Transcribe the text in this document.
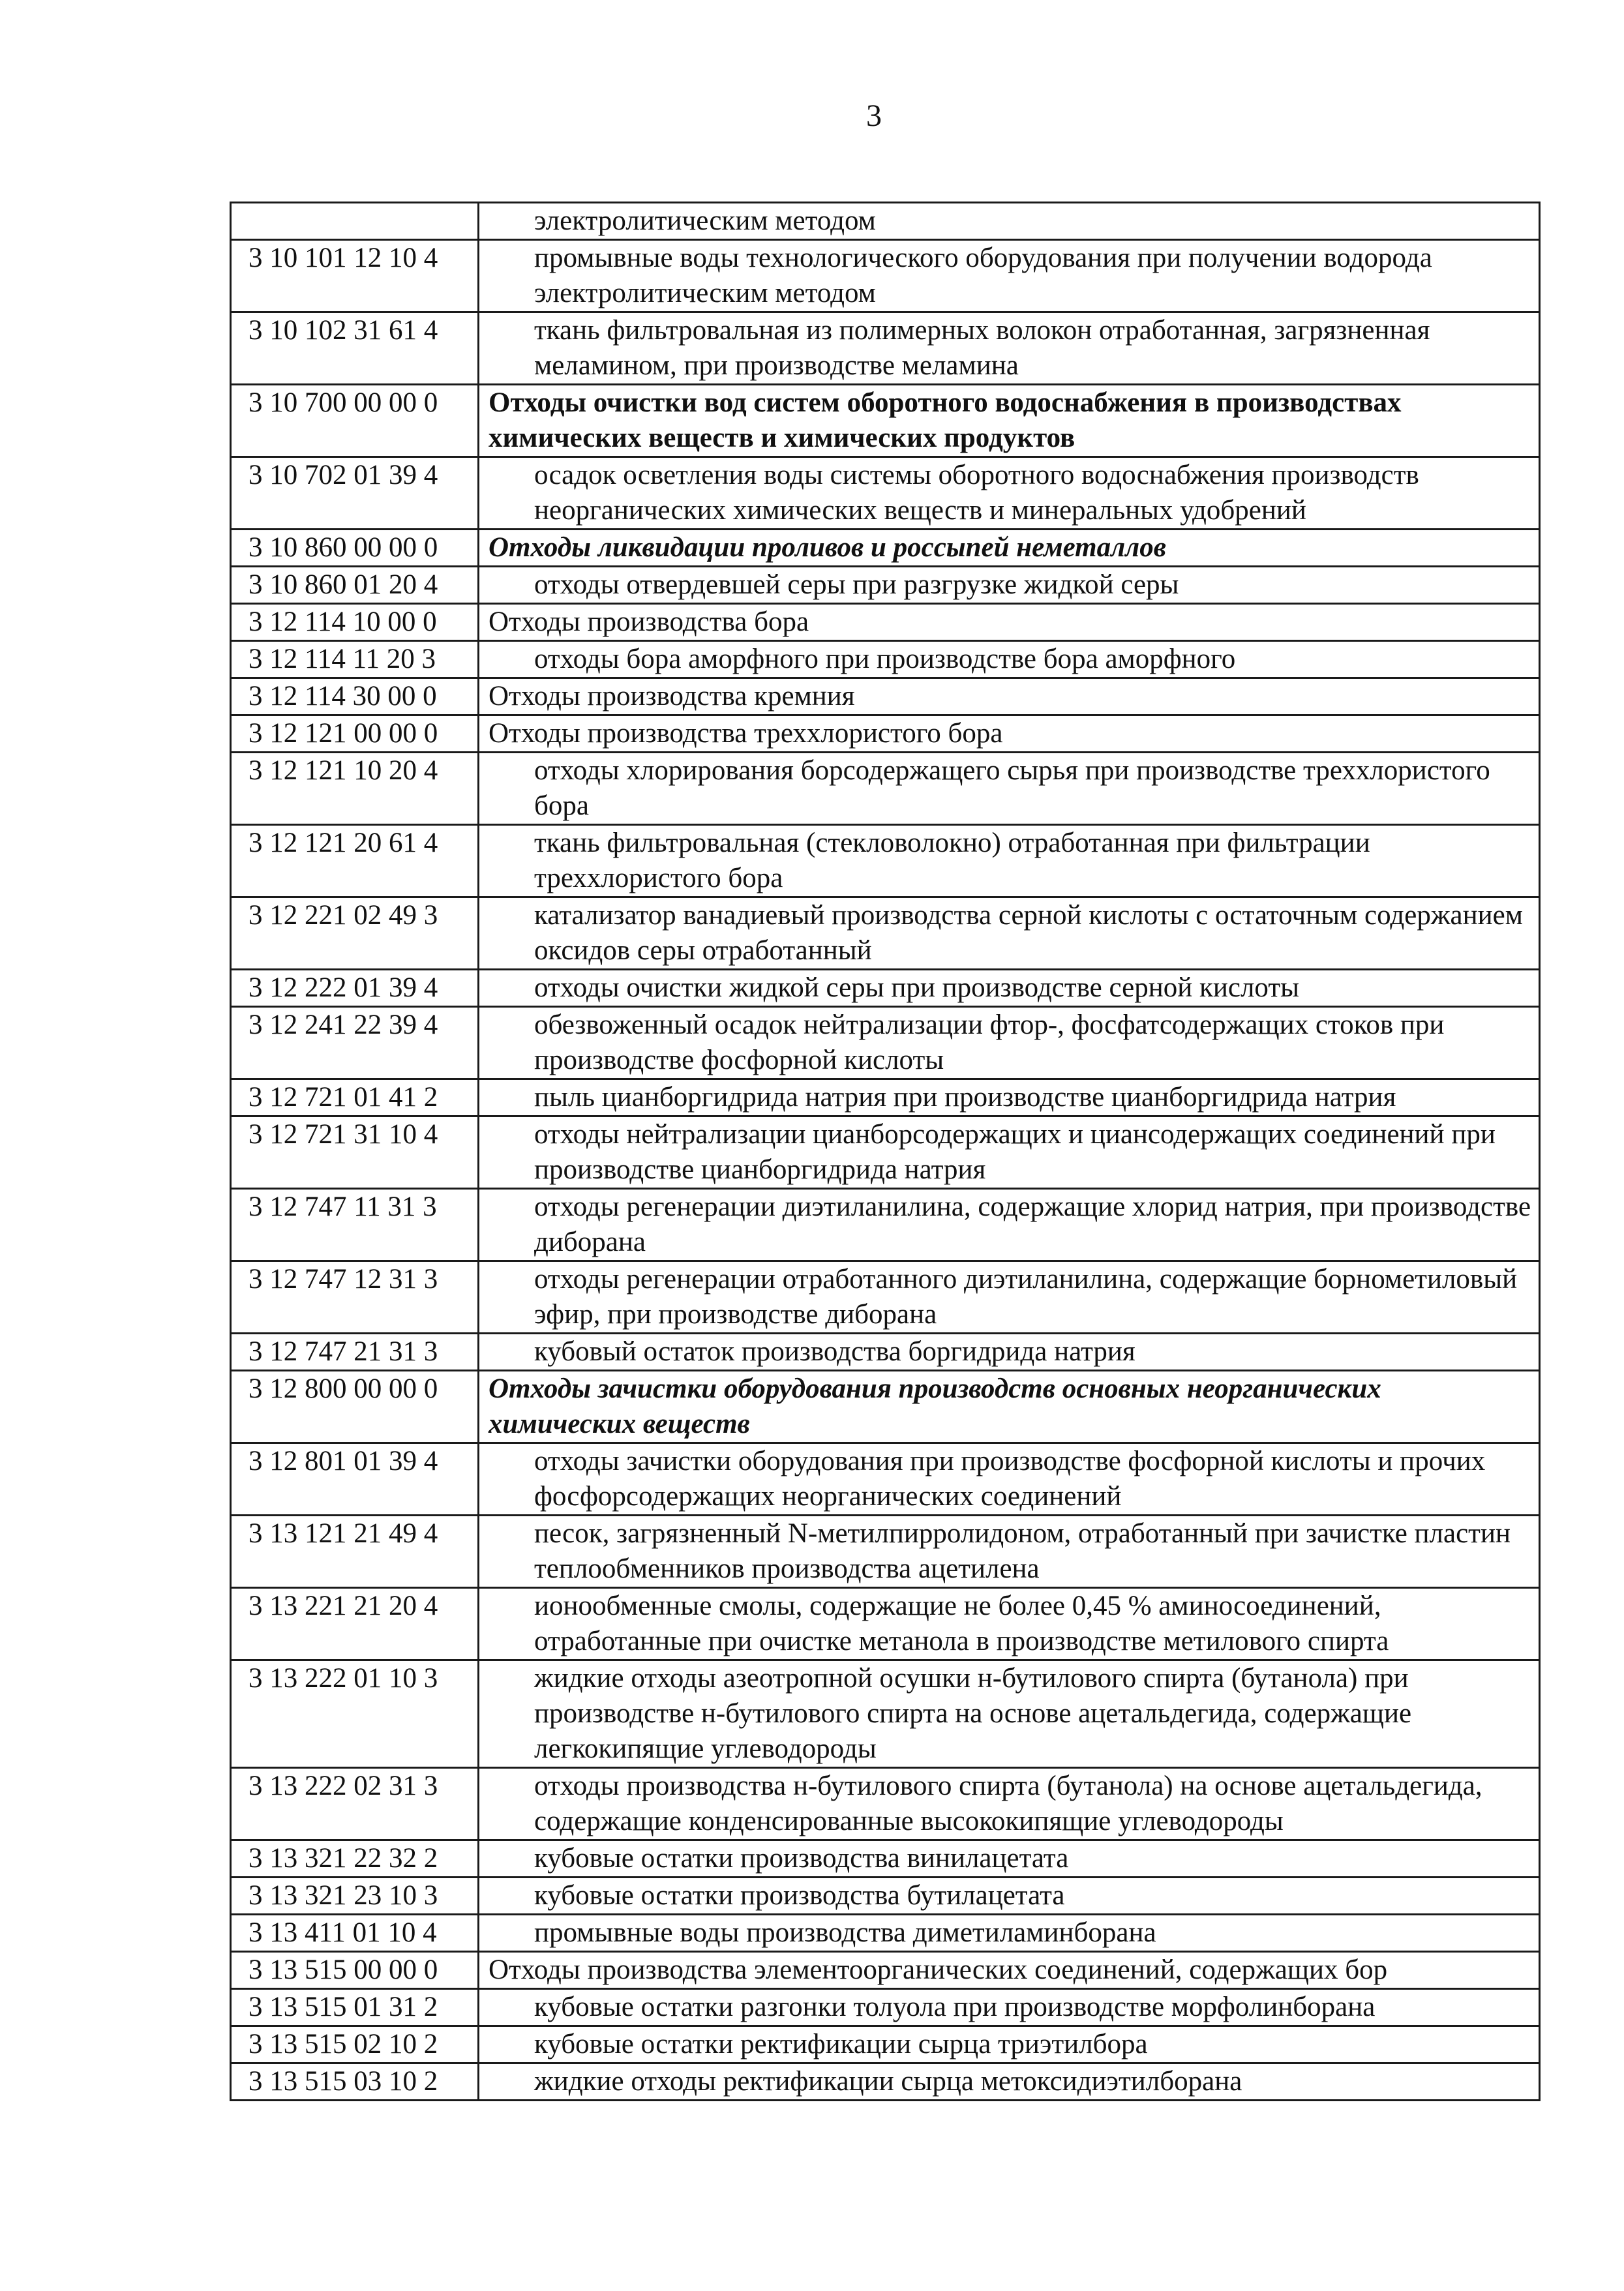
3
	электролитическим методом
3 10 101 12 10 4	промывные воды технологического оборудования при получении водорода электролитическим методом
3 10 102 31 61 4	ткань фильтровальная из полимерных волокон отработанная, загрязненная меламином, при производстве меламина
3 10 700 00 00 0	Отходы очистки вод систем оборотного водоснабжения в производствах химических веществ и химических продуктов
3 10 702 01 39 4	осадок осветления воды системы оборотного водоснабжения производств неорганических химических веществ и минеральных удобрений
3 10 860 00 00 0	Отходы ликвидации проливов и россыпей неметаллов
3 10 860 01 20 4	отходы отвердевшей серы при разгрузке жидкой серы
3 12 114 10 00 0	Отходы производства бора
3 12 114 11 20 3	отходы бора аморфного при производстве бора аморфного
3 12 114 30 00 0	Отходы производства кремния
3 12 121 00 00 0	Отходы производства треххлористого бора
3 12 121 10 20 4	отходы хлорирования борсодержащего сырья при производстве треххлористого бора
3 12 121 20 61 4	ткань фильтровальная (стекловолокно) отработанная при фильтрации треххлористого бора
3 12 221 02 49 3	катализатор ванадиевый производства серной кислоты с остаточным содержанием оксидов серы отработанный
3 12 222 01 39 4	отходы очистки жидкой серы при производстве серной кислоты
3 12 241 22 39 4	обезвоженный осадок нейтрализации фтор-, фосфатсодержащих стоков при производстве фосфорной кислоты
3 12 721 01 41 2	пыль цианборгидрида натрия при производстве цианборгидрида натрия
3 12 721 31 10 4	отходы нейтрализации цианборсодержащих и циансодержащих соединений при производстве цианборгидрида натрия
3 12 747 11 31 3	отходы регенерации диэтиланилина, содержащие хлорид натрия, при производстве диборана
3 12 747 12 31 3	отходы регенерации отработанного диэтиланилина, содержащие борнометиловый эфир, при производстве диборана
3 12 747 21 31 3	кубовый остаток производства боргидрида натрия
3 12 800 00 00 0	Отходы зачистки оборудования производств основных неорганических химических веществ
3 12 801 01 39 4	отходы зачистки оборудования при производстве фосфорной кислоты и прочих фосфорсодержащих неорганических соединений
3 13 121 21 49 4	песок, загрязненный N-метилпирролидоном, отработанный при зачистке пластин теплообменников производства ацетилена
3 13 221 21 20 4	ионообменные смолы, содержащие не более 0,45 % аминосоединений, отработанные при очистке метанола в производстве метилового спирта
3 13 222 01 10 3	жидкие отходы азеотропной осушки н-бутилового спирта (бутанола) при производстве н-бутилового спирта на основе ацетальдегида, содержащие легкокипящие углеводороды
3 13 222 02 31 3	отходы производства н-бутилового спирта (бутанола) на основе ацетальдегида, содержащие конденсированные высококипящие углеводороды
3 13 321 22 32 2	кубовые остатки производства винилацетата
3 13 321 23 10 3	кубовые остатки производства бутилацетата
3 13 411 01 10 4	промывные воды производства диметиламинборана
3 13 515 00 00 0	Отходы производства элементоорганических соединений, содержащих бор
3 13 515 01 31 2	кубовые остатки разгонки толуола при производстве морфолинборана
3 13 515 02 10 2	кубовые остатки ректификации сырца триэтилбора
3 13 515 03 10 2	жидкие отходы ректификации сырца метоксидиэтилборана
